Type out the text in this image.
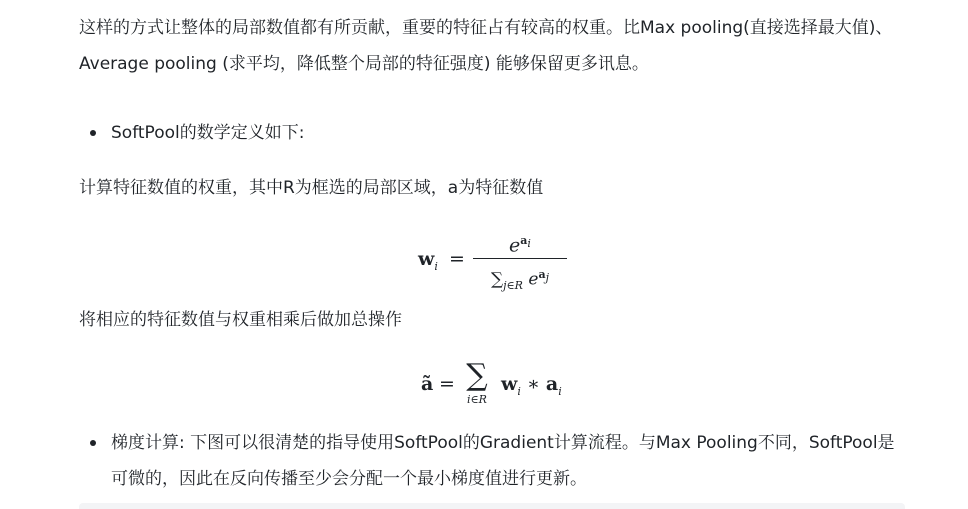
这样的方式让整体的局部数值都有所贡献，重要的特征占有较高的权重。比Max pooling(直接选择最大值)、Average pooling (求平均，降低整个局部的特征强度) 能够保留更多讯息。

SoftPool的数学定义如下:

计算特征数值的权重，其中R为框选的局部区域，a为特征数值

$w_i$ =
$e^{a_i}$
$\sum_{j\in R}$ $e^{a_j}$

将相应的特征数值与权重相乘后做加总操作

ã = ∑
i∈R
$w_i$ ∗ $a_i$

梯度计算: 下图可以很清楚的指导使用SoftPool的Gradient计算流程。与Max Pooling不同，SoftPool是可微的，因此在反向传播至少会分配一个最小梯度值进行更新。
